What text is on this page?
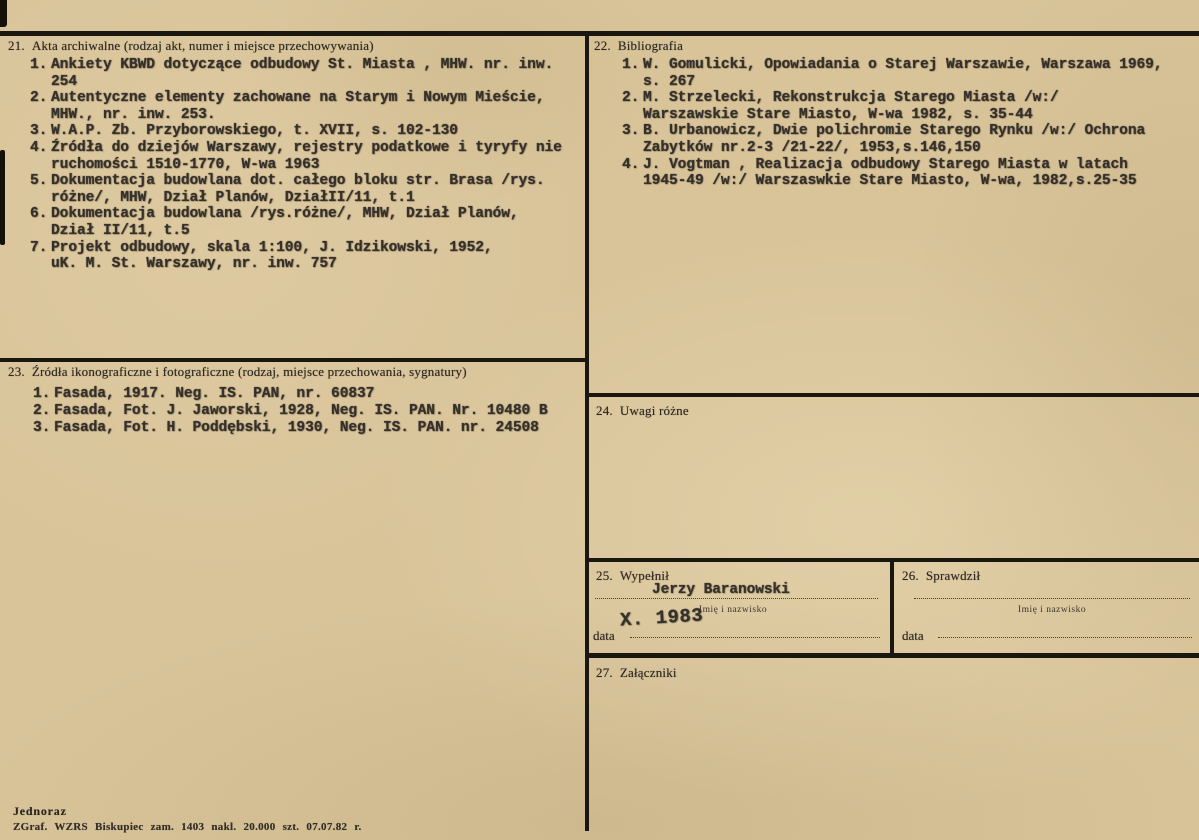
21. Akta archiwalne (rodzaj akt, numer i miejsce przechowywania)
1. Ankiety KBWD dotyczące odbudowy St. Miasta , MHW. nr. inw.
254
2. Autentyczne elementy zachowane na Starym i Nowym Mieście,
MHW., nr. inw. 253.
3. W.A.P. Zb. Przyborowskiego, t. XVII, s. 102-130
4. Źródła do dziejów Warszawy, rejestry podatkowe i tyryfy nie
ruchomości 1510-1770, W-wa 1963
5. Dokumentacja budowlana dot. całego bloku str. Brasa /rys.
różne/, MHW, Dział Planów, DziałII/11, t.1
6. Dokumentacja budowlana /rys.różne/, MHW, Dział Planów,
Dział II/11, t.5
7. Projekt odbudowy, skala 1:100, J. Idzikowski, 1952,
uK. M. St. Warszawy, nr. inw. 757
22. Bibliografia
1. W. Gomulicki, Opowiadania o Starej Warszawie, Warszawa 1969,
s. 267
2. M. Strzelecki, Rekonstrukcja Starego Miasta /w:/
Warszawskie Stare Miasto, W-wa 1982, s. 35-44
3. B. Urbanowicz, Dwie polichromie Starego Rynku /w:/ Ochrona
Zabytków nr.2-3 /21-22/, 1953,s.146,150
4. J. Vogtman , Realizacja odbudowy Starego Miasta w latach
1945-49 /w:/ Warszaswkie Stare Miasto, W-wa, 1982,s.25-35
23. Źródła ikonograficzne i fotograficzne (rodzaj, miejsce przechowania, sygnatury)
1. Fasada, 1917. Neg. IS. PAN, nr. 60837
2. Fasada, Fot. J. Jaworski, 1928, Neg. IS. PAN. Nr. 10480 B
3. Fasada, Fot. H. Poddębski, 1930, Neg. IS. PAN. nr. 24508
24. Uwagi różne
25. Wypełnił
Jerzy Baranowski
Imię i nazwisko
X. 1983
data
26. Sprawdził
Imię i nazwisko
data
27. Załączniki
Jednoraz
ZGraf. WZRS Biskupiec zam. 1403 nakl. 20.000 szt. 07.07.82 r.
